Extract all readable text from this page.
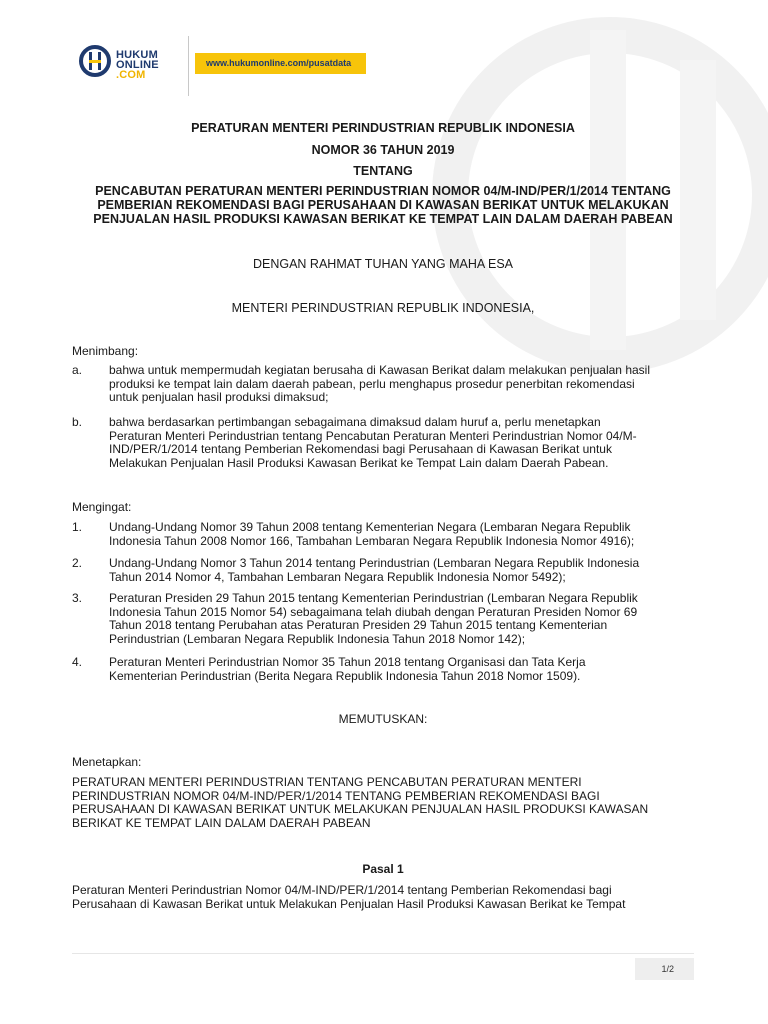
HUKUM
ONLINE
.COM
www.hukumonline.com/pusatdata
PERATURAN MENTERI PERINDUSTRIAN REPUBLIK INDONESIA
NOMOR 36 TAHUN 2019
TENTANG
PENCABUTAN PERATURAN MENTERI PERINDUSTRIAN NOMOR 04/M-IND/PER/1/2014 TENTANG
PEMBERIAN REKOMENDASI BAGI PERUSAHAAN DI KAWASAN BERIKAT UNTUK MELAKUKAN
PENJUALAN HASIL PRODUKSI KAWASAN BERIKAT KE TEMPAT LAIN DALAM DAERAH PABEAN
DENGAN RAHMAT TUHAN YANG MAHA ESA
MENTERI PERINDUSTRIAN REPUBLIK INDONESIA,
Menimbang:
a. bahwa untuk mempermudah kegiatan berusaha di Kawasan Berikat dalam melakukan penjualan hasil
produksi ke tempat lain dalam daerah pabean, perlu menghapus prosedur penerbitan rekomendasi
untuk penjualan hasil produksi dimaksud;
b. bahwa berdasarkan pertimbangan sebagaimana dimaksud dalam huruf a, perlu menetapkan
Peraturan Menteri Perindustrian tentang Pencabutan Peraturan Menteri Perindustrian Nomor 04/M-
IND/PER/1/2014 tentang Pemberian Rekomendasi bagi Perusahaan di Kawasan Berikat untuk
Melakukan Penjualan Hasil Produksi Kawasan Berikat ke Tempat Lain dalam Daerah Pabean.
Mengingat:
1. Undang-Undang Nomor 39 Tahun 2008 tentang Kementerian Negara (Lembaran Negara Republik
Indonesia Tahun 2008 Nomor 166, Tambahan Lembaran Negara Republik Indonesia Nomor 4916);
2. Undang-Undang Nomor 3 Tahun 2014 tentang Perindustrian (Lembaran Negara Republik Indonesia
Tahun 2014 Nomor 4, Tambahan Lembaran Negara Republik Indonesia Nomor 5492);
3. Peraturan Presiden 29 Tahun 2015 tentang Kementerian Perindustrian (Lembaran Negara Republik
Indonesia Tahun 2015 Nomor 54) sebagaimana telah diubah dengan Peraturan Presiden Nomor 69
Tahun 2018 tentang Perubahan atas Peraturan Presiden 29 Tahun 2015 tentang Kementerian
Perindustrian (Lembaran Negara Republik Indonesia Tahun 2018 Nomor 142);
4. Peraturan Menteri Perindustrian Nomor 35 Tahun 2018 tentang Organisasi dan Tata Kerja
Kementerian Perindustrian (Berita Negara Republik Indonesia Tahun 2018 Nomor 1509).
MEMUTUSKAN:
Menetapkan:
PERATURAN MENTERI PERINDUSTRIAN TENTANG PENCABUTAN PERATURAN MENTERI
PERINDUSTRIAN NOMOR 04/M-IND/PER/1/2014 TENTANG PEMBERIAN REKOMENDASI BAGI
PERUSAHAAN DI KAWASAN BERIKAT UNTUK MELAKUKAN PENJUALAN HASIL PRODUKSI KAWASAN
BERIKAT KE TEMPAT LAIN DALAM DAERAH PABEAN
Pasal 1
Peraturan Menteri Perindustrian Nomor 04/M-IND/PER/1/2014 tentang Pemberian Rekomendasi bagi
Perusahaan di Kawasan Berikat untuk Melakukan Penjualan Hasil Produksi Kawasan Berikat ke Tempat
1/2
